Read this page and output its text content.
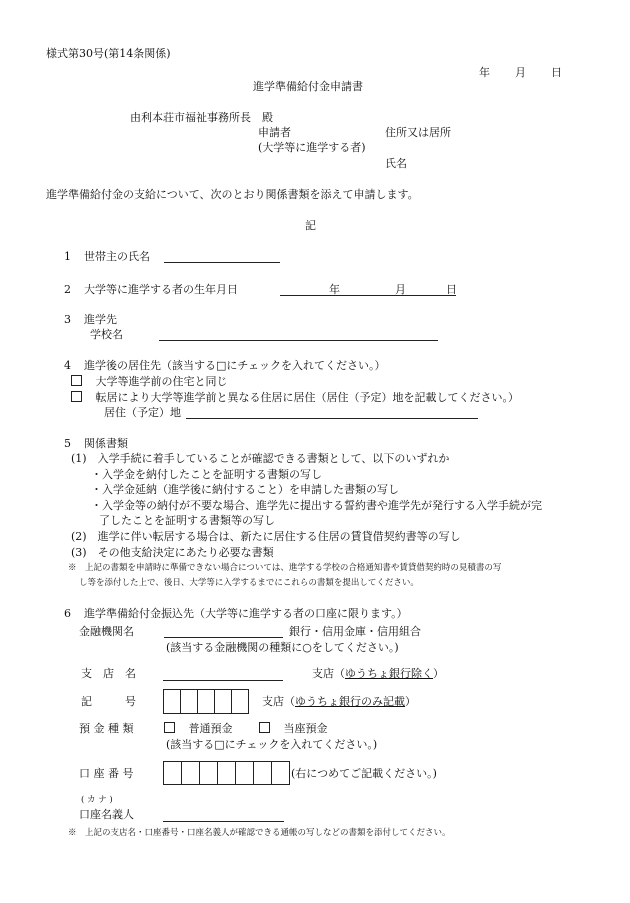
様式第30号(第14条関係)
年 月 日
進学準備給付金申請書
由利本荘市福祉事務所長　殿
申請者	住所又は居所
(大学等に進学する者)
氏名
進学準備給付金の支給について、次のとおり関係書類を添えて申請します。
記
1 世帯主の氏名
2 大学等に進学する者の生年月日	年	月	日
3 進学先
学校名
4 進学後の居住先（該当する□にチェックを入れてください。）
大学等進学前の住宅と同じ
転居により大学等進学前と異なる住居に居住（居住（予定）地を記載してください。）
居住（予定）地
5 関係書類
(1)　入学手続に着手していることが確認できる書類として、以下のいずれか
・入学金を納付したことを証明する書類の写し
・入学金延納（進学後に納付すること）を申請した書類の写し
・入学金等の納付が不要な場合、進学先に提出する誓約書や進学先が発行する入学手続が完
了したことを証明する書類等の写し
(2)　進学に伴い転居する場合は、新たに居住する住居の賃貸借契約書等の写し
(3)　その他支給決定にあたり必要な書類
※　上記の書類を申請時に準備できない場合については、進学する学校の合格通知書や賃貸借契約時の見積書の写
し等を添付した上で、後日、大学等に入学するまでにこれらの書類を提出してください。
6 進学準備給付金振込先（大学等に進学する者の口座に限ります。）
金融機関名	銀行・信用金庫・信用組合
(該当する金融機関の種類に○をしてください。)
支　店　名	支店（ゆうちょ銀行除く）
記　　　号	支店（ゆうちょ銀行のみ記載）
預 金 種 類	普通預金	当座預金
(該当する□にチェックを入れてください。)
口 座 番 号	(右につめてご記載ください。)
( カ ナ )
口座名義人
※　上記の支店名・口座番号・口座名義人が確認できる通帳の写しなどの書類を添付してください。
